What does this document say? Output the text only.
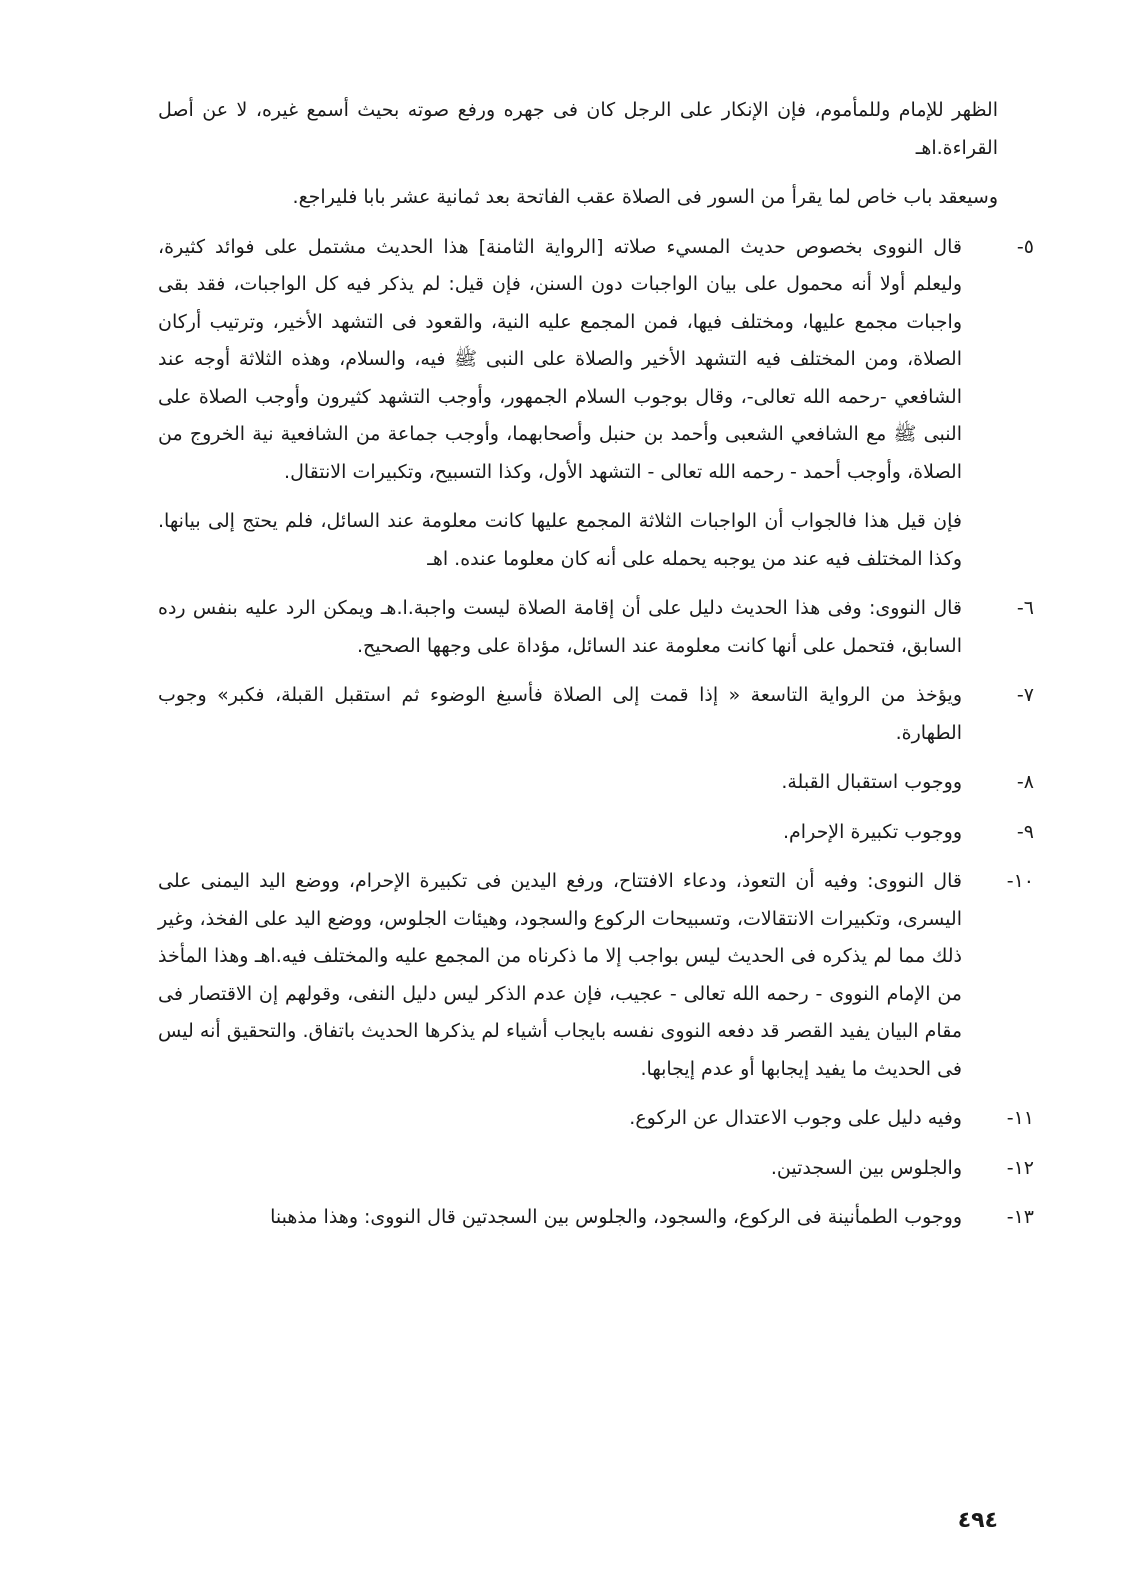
الظهر للإمام وللمأموم، فإن الإنكار على الرجل كان فى جهره ورفع صوته بحيث أسمع غيره، لا عن أصل القراءة.اهـ

وسيعقد باب خاص لما يقرأ من السور فى الصلاة عقب الفاتحة بعد ثمانية عشر بابا فليراجع.

٥-قال النووى بخصوص حديث المسيء صلاته [الرواية الثامنة] هذا الحديث مشتمل على فوائد كثيرة، وليعلم أولا أنه محمول على بيان الواجبات دون السنن، فإن قيل: لم يذكر فيه كل الواجبات، فقد بقى واجبات مجمع عليها، ومختلف فيها، فمن المجمع عليه النية، والقعود فى التشهد الأخير، وترتيب أركان الصلاة، ومن المختلف فيه التشهد الأخير والصلاة على النبى ﷺ فيه، والسلام، وهذه الثلاثة أوجه عند الشافعي -رحمه الله تعالى-، وقال بوجوب السلام الجمهور، وأوجب التشهد كثيرون وأوجب الصلاة على النبى ﷺ مع الشافعي الشعبى وأحمد بن حنبل وأصحابهما، وأوجب جماعة من الشافعية نية الخروج من الصلاة، وأوجب أحمد - رحمه الله تعالى - التشهد الأول، وكذا التسبيح، وتكبيرات الانتقال.

فإن قيل هذا فالجواب أن الواجبات الثلاثة المجمع عليها كانت معلومة عند السائل، فلم يحتج إلى بيانها. وكذا المختلف فيه عند من يوجبه يحمله على أنه كان معلوما عنده. اهـ

٦-قال النووى: وفى هذا الحديث دليل على أن إقامة الصلاة ليست واجبة.ا.هـ ويمكن الرد عليه بنفس رده السابق، فتحمل على أنها كانت معلومة عند السائل، مؤداة على وجهها الصحيح.

٧-ويؤخذ من الرواية التاسعة « إذا قمت إلى الصلاة فأسبغ الوضوء ثم استقبل القبلة، فكبر» وجوب الطهارة.

٨-ووجوب استقبال القبلة.

٩-ووجوب تكبيرة الإحرام.

١٠-قال النووى: وفيه أن التعوذ، ودعاء الافتتاح، ورفع اليدين فى تكبيرة الإحرام، ووضع اليد اليمنى على اليسرى، وتكبيرات الانتقالات، وتسبيحات الركوع والسجود، وهيئات الجلوس، ووضع اليد على الفخذ، وغير ذلك مما لم يذكره فى الحديث ليس بواجب إلا ما ذكرناه من المجمع عليه والمختلف فيه.اهـ وهذا المأخذ من الإمام النووى - رحمه الله تعالى - عجيب، فإن عدم الذكر ليس دليل النفى، وقولهم إن الاقتصار فى مقام البيان يفيد القصر قد دفعه النووى نفسه بايجاب أشياء لم يذكرها الحديث باتفاق. والتحقيق أنه ليس فى الحديث ما يفيد إيجابها أو عدم إيجابها.

١١-وفيه دليل على وجوب الاعتدال عن الركوع.

١٢-والجلوس بين السجدتين.

١٣-ووجوب الطمأنينة فى الركوع، والسجود، والجلوس بين السجدتين قال النووى: وهذا مذهبنا

٤٩٤
